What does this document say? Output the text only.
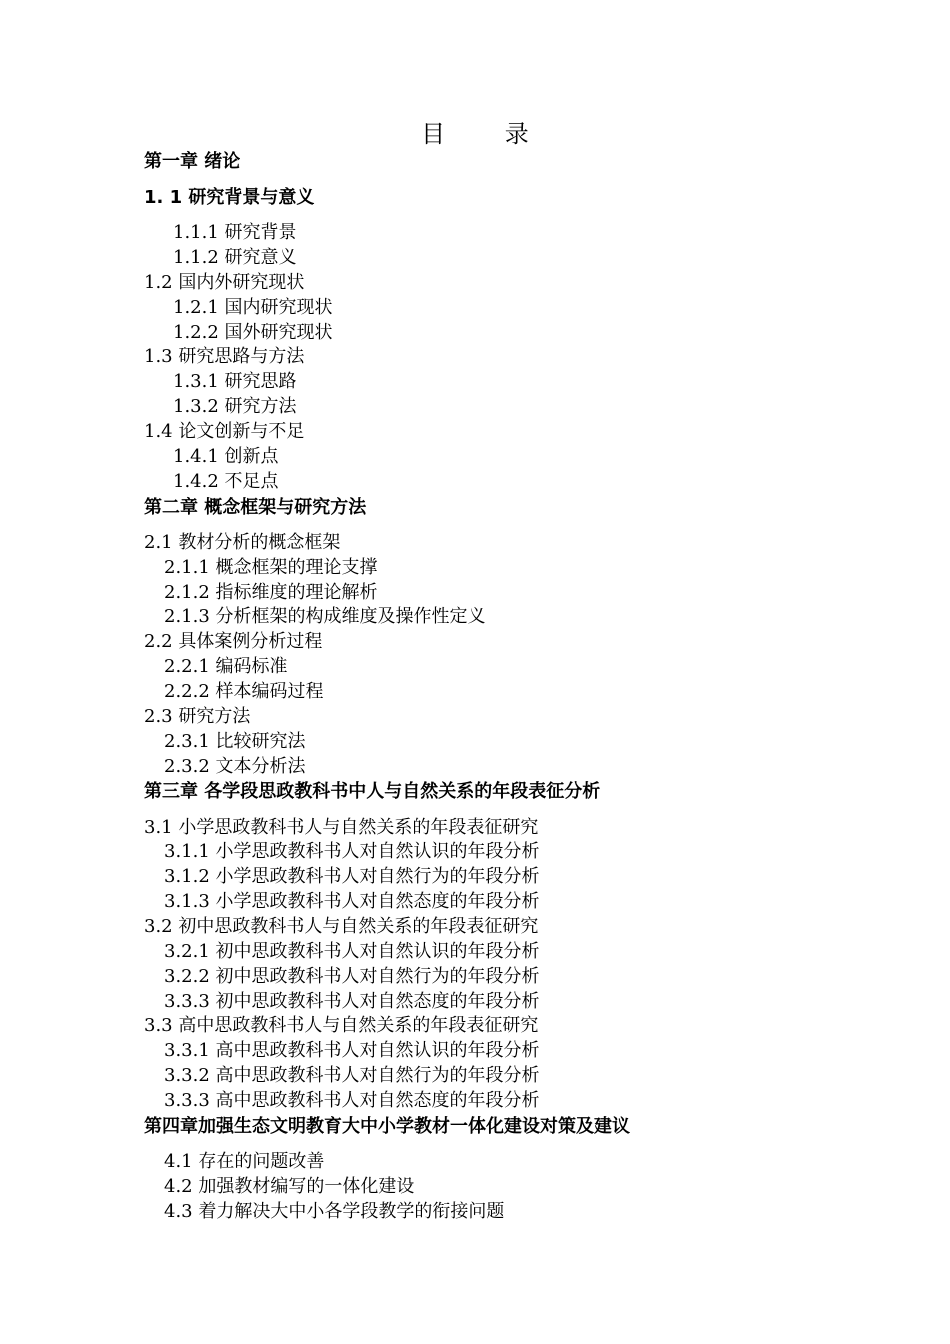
目 录
第一章 绪论
1. 1 研究背景与意义
1.1.1 研究背景
1.1.2 研究意义
1.2 国内外研究现状
1.2.1 国内研究现状
1.2.2 国外研究现状
1.3 研究思路与方法
1.3.1 研究思路
1.3.2 研究方法
1.4 论文创新与不足
1.4.1 创新点
1.4.2 不足点
第二章 概念框架与研究方法
2.1 教材分析的概念框架
2.1.1 概念框架的理论支撑
2.1.2 指标维度的理论解析
2.1.3 分析框架的构成维度及操作性定义
2.2 具体案例分析过程
2.2.1 编码标准
2.2.2 样本编码过程
2.3 研究方法
2.3.1 比较研究法
2.3.2 文本分析法
第三章 各学段思政教科书中人与自然关系的年段表征分析
3.1 小学思政教科书人与自然关系的年段表征研究
3.1.1 小学思政教科书人对自然认识的年段分析
3.1.2 小学思政教科书人对自然行为的年段分析
3.1.3 小学思政教科书人对自然态度的年段分析
3.2 初中思政教科书人与自然关系的年段表征研究
3.2.1 初中思政教科书人对自然认识的年段分析
3.2.2 初中思政教科书人对自然行为的年段分析
3.3.3 初中思政教科书人对自然态度的年段分析
3.3 高中思政教科书人与自然关系的年段表征研究
3.3.1 高中思政教科书人对自然认识的年段分析
3.3.2 高中思政教科书人对自然行为的年段分析
3.3.3 高中思政教科书人对自然态度的年段分析
第四章加强生态文明教育大中小学教材一体化建设对策及建议
4.1 存在的问题改善
4.2 加强教材编写的一体化建设
4.3 着力解决大中小各学段教学的衔接问题
